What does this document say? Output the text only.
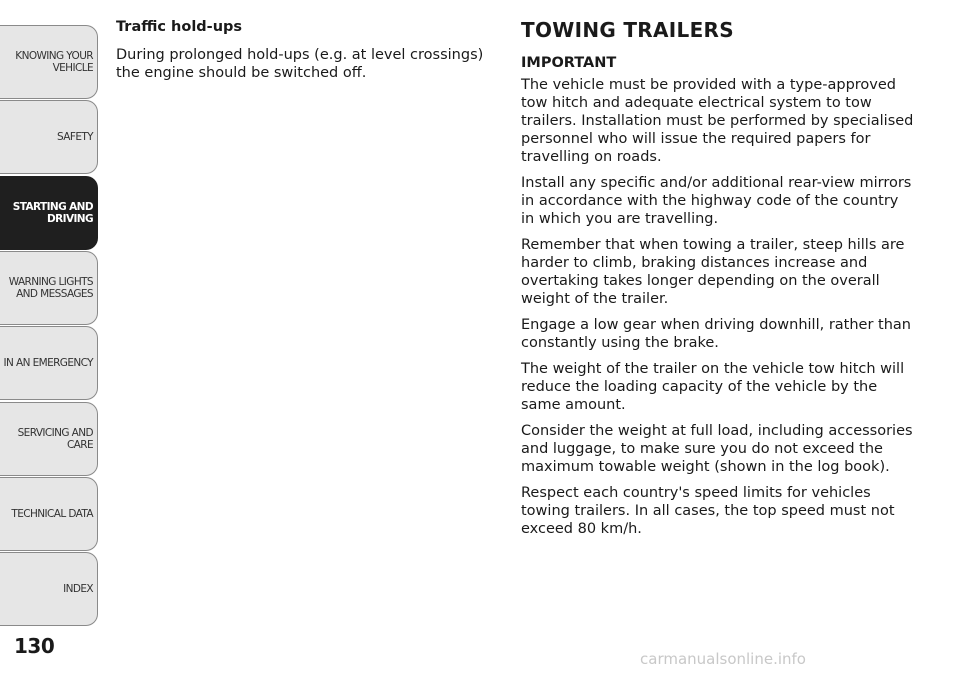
KNOWING YOUR VEHICLE
SAFETY
STARTING AND DRIVING
WARNING LIGHTS AND MESSAGES
IN AN EMERGENCY
SERVICING AND CARE
TECHNICAL DATA
INDEX
130

Traffic hold-ups

During prolonged hold-ups (e.g. at level crossings) the engine should be switched off.

TOWING TRAILERS

IMPORTANT

The vehicle must be provided with a type-approved tow hitch and adequate electrical system to tow trailers. Installation must be performed by specialised personnel who will issue the required papers for travelling on roads.

Install any specific and/or additional rear-view mirrors in accordance with the highway code of the country in which you are travelling.

Remember that when towing a trailer, steep hills are harder to climb, braking distances increase and overtaking takes longer depending on the overall weight of the trailer.

Engage a low gear when driving downhill, rather than constantly using the brake.

The weight of the trailer on the vehicle tow hitch will reduce the loading capacity of the vehicle by the same amount.

Consider the weight at full load, including accessories and luggage, to make sure you do not exceed the maximum towable weight (shown in the log book).

Respect each country's speed limits for vehicles towing trailers. In all cases, the top speed must not exceed 80 km/h.

carmanualsonline.info
